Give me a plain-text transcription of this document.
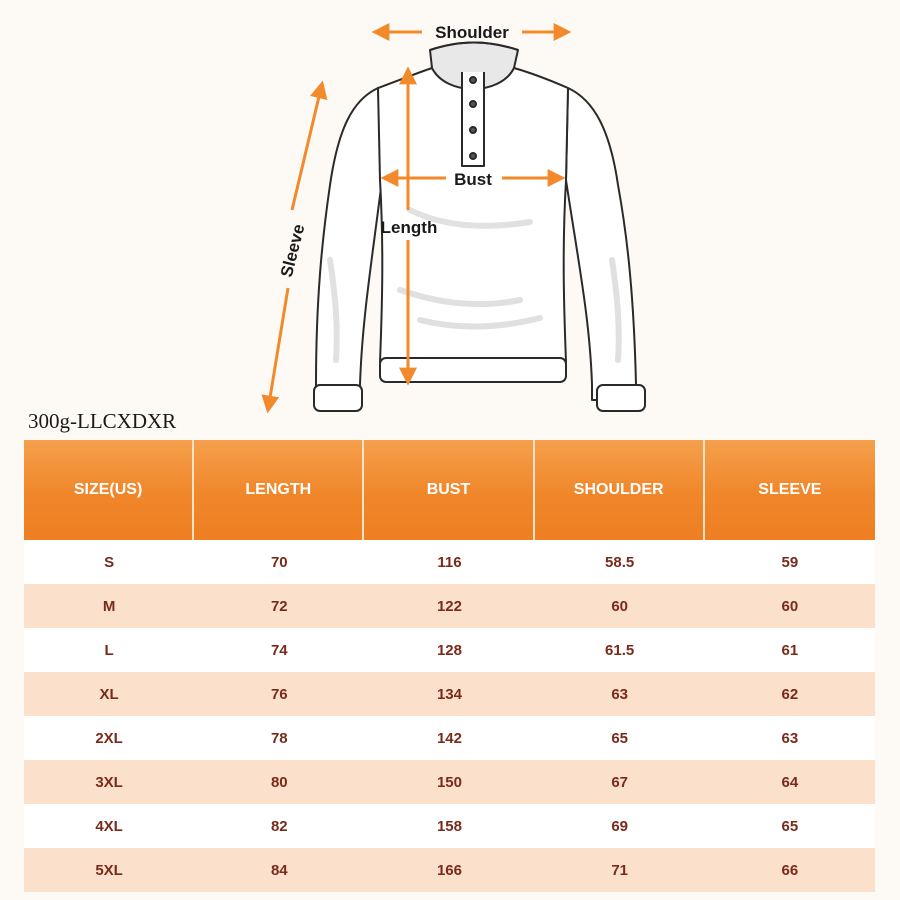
Shoulder
Bust
Length
Sleeve
300g-LLCXDXR
SIZE(US)	LENGTH	BUST	SHOULDER	SLEEVE
S	70	116	58.5	59
M	72	122	60	60
L	74	128	61.5	61
XL	76	134	63	62
2XL	78	142	65	63
3XL	80	150	67	64
4XL	82	158	69	65
5XL	84	166	71	66
